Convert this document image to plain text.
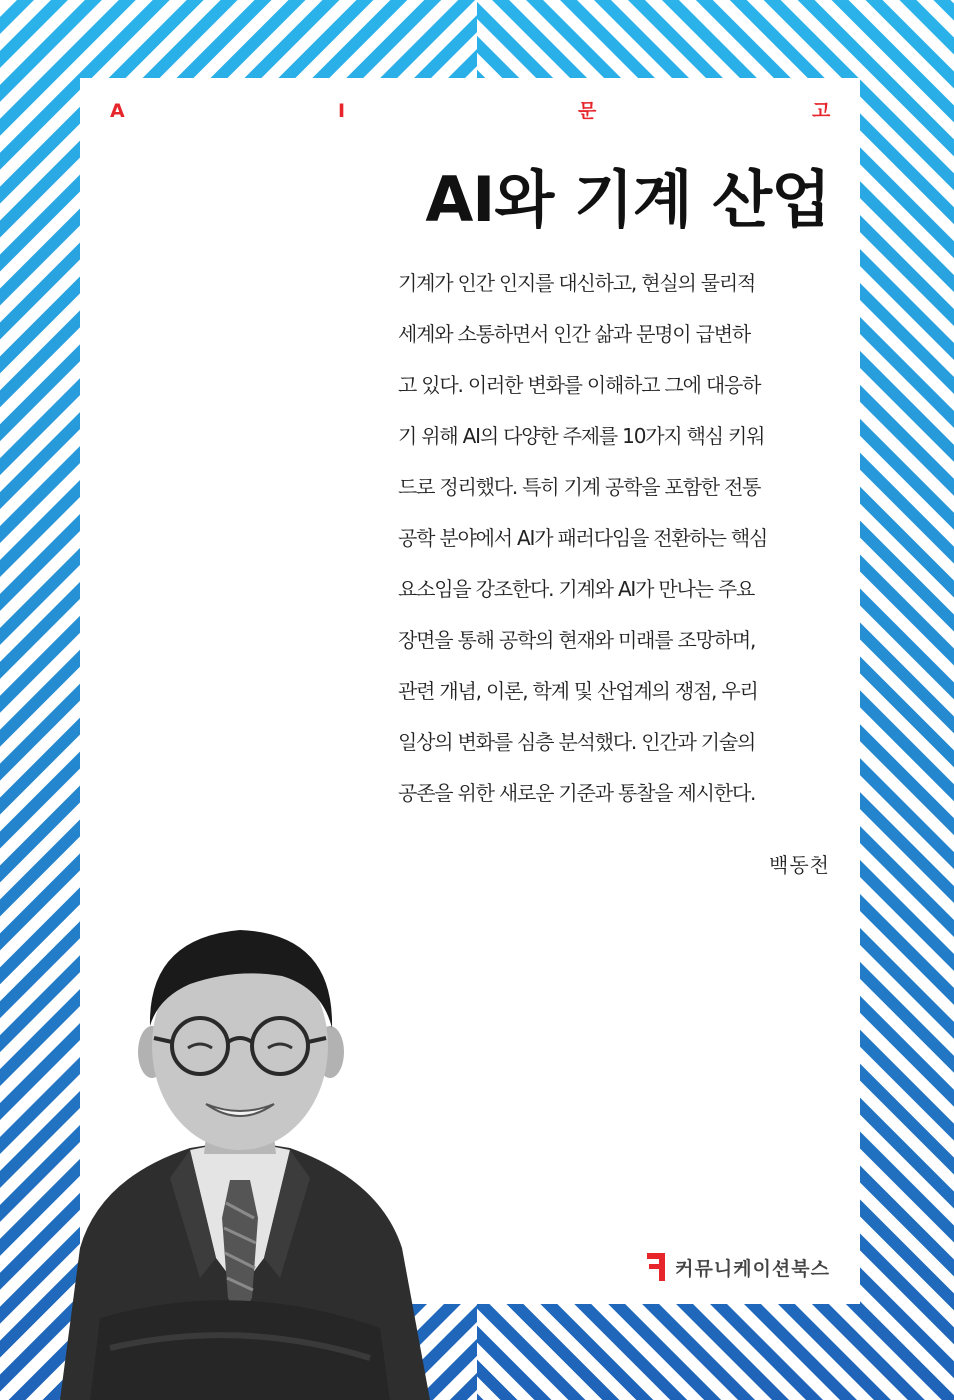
A	I	문	고
AI와 기계 산업
기계가 인간 인지를 대신하고, 현실의 물리적
세계와 소통하면서 인간 삶과 문명이 급변하
고 있다. 이러한 변화를 이해하고 그에 대응하
기 위해 AI의 다양한 주제를 10가지 핵심 키워
드로 정리했다. 특히 기계 공학을 포함한 전통
공학 분야에서 AI가 패러다임을 전환하는 핵심
요소임을 강조한다. 기계와 AI가 만나는 주요
장면을 통해 공학의 현재와 미래를 조망하며,
관련 개념, 이론, 학계 및 산업계의 쟁점, 우리
일상의 변화를 심층 분석했다. 인간과 기술의
공존을 위한 새로운 기준과 통찰을 제시한다.
백동천
커뮤니케이션북스
